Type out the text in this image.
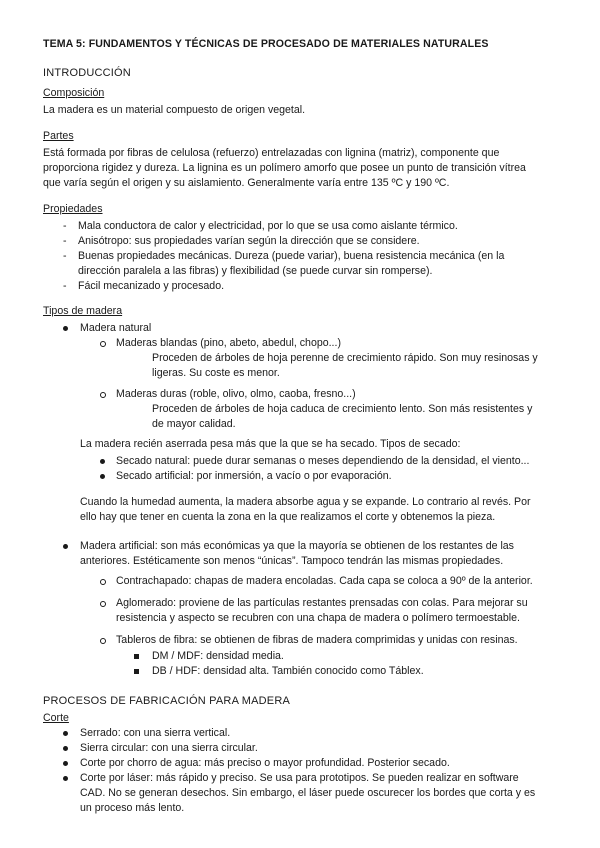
TEMA 5: FUNDAMENTOS Y TÉCNICAS DE PROCESADO DE MATERIALES NATURALES
INTRODUCCIÓN
Composición
La madera es un material compuesto de origen vegetal.
Partes
Está formada por fibras de celulosa (refuerzo) entrelazadas con lignina (matriz), componente que
proporciona rigidez y dureza. La lignina es un polímero amorfo que posee un punto de transición vítrea
que varía según el origen y su aislamiento. Generalmente varía entre 135 ºC y 190 ºC.
Propiedades
- Mala conductora de calor y electricidad, por lo que se usa como aislante térmico.
- Anisótropo: sus propiedades varían según la dirección que se considere.
- Buenas propiedades mecánicas. Dureza (puede variar), buena resistencia mecánica (en la
dirección paralela a las fibras) y flexibilidad (se puede curvar sin romperse).
- Fácil mecanizado y procesado.
Tipos de madera
Madera natural
Maderas blandas (pino, abeto, abedul, chopo...)
Proceden de árboles de hoja perenne de crecimiento rápido. Son muy resinosas y
ligeras. Su coste es menor.
Maderas duras (roble, olivo, olmo, caoba, fresno...)
Proceden de árboles de hoja caduca de crecimiento lento. Son más resistentes y
de mayor calidad.
La madera recién aserrada pesa más que la que se ha secado. Tipos de secado:
Secado natural: puede durar semanas o meses dependiendo de la densidad, el viento...
Secado artificial: por inmersión, a vacío o por evaporación.
Cuando la humedad aumenta, la madera absorbe agua y se expande. Lo contrario al revés. Por
ello hay que tener en cuenta la zona en la que realizamos el corte y obtenemos la pieza.
Madera artificial: son más económicas ya que la mayoría se obtienen de los restantes de las
anteriores. Estéticamente son menos “únicas”. Tampoco tendrán las mismas propiedades.
Contrachapado: chapas de madera encoladas. Cada capa se coloca a 90º de la anterior.
Aglomerado: proviene de las partículas restantes prensadas con colas. Para mejorar su
resistencia y aspecto se recubren con una chapa de madera o polímero termoestable.
Tableros de fibra: se obtienen de fibras de madera comprimidas y unidas con resinas.
DM / MDF: densidad media.
DB / HDF: densidad alta. También conocido como Táblex.
PROCESOS DE FABRICACIÓN PARA MADERA
Corte
Serrado: con una sierra vertical.
Sierra circular: con una sierra circular.
Corte por chorro de agua: más preciso o mayor profundidad. Posterior secado.
Corte por láser: más rápido y preciso. Se usa para prototipos. Se pueden realizar en software
CAD. No se generan desechos. Sin embargo, el láser puede oscurecer los bordes que corta y es
un proceso más lento.
